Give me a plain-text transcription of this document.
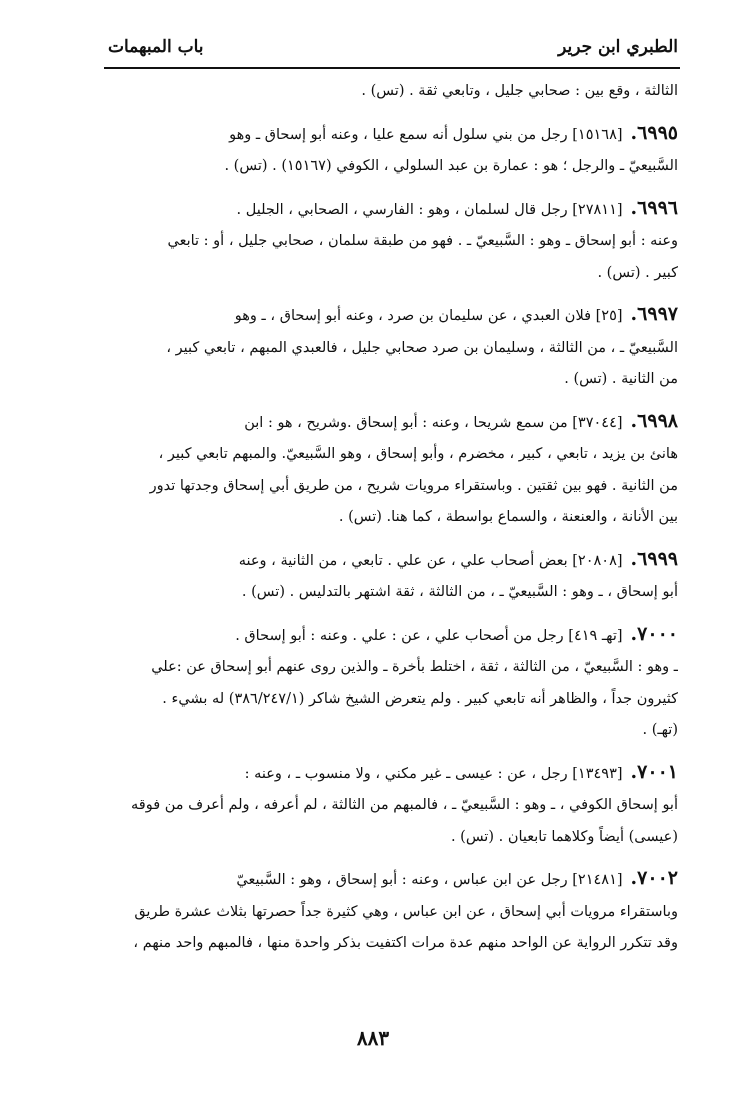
الطبري ابن جرير
باب المبهمات
الثالثة ، وقع بين : صحابي جليل ، وتابعي ثقة . (تس) .
٦٩٩٥.[١٥١٦٨] رجل من بني سلول أنه سمع عليا ، وعنه أبو إسحاق ـ وهو
السَّبيعيّ ـ والرجل ؛ هو : عمارة بن عبد السلولي ، الكوفي (١٥١٦٧) . (تس) .
٦٩٩٦.[٢٧٨١١] رجل قال لسلمان ، وهو : الفارسي ، الصحابي ، الجليل .
وعنه : أبو إسحاق ـ وهو : السَّبيعيّ ـ . فهو من طبقة سلمان ، صحابي جليل ، أو : تابعي
كبير . (تس) .
٦٩٩٧.[٢٥] فلان العبدي ، عن سليمان بن صرد ، وعنه أبو إسحاق ، ـ وهو
السَّبيعيّ ـ ، من الثالثة ، وسليمان بن صرد صحابي جليل ، فالعبدي المبهم ، تابعي كبير ،
من الثانية . (تس) .
٦٩٩٨.[٣٧٠٤٤] من سمع شريحا ، وعنه : أبو إسحاق .وشريح ، هو : ابن
هانئ بن يزيد ، تابعي ، كبير ، مخضرم ، وأبو إسحاق ، وهو السَّبيعيّ. والمبهم تابعي كبير ،
من الثانية . فهو بين ثقتين . وباستقراء مرويات شريح ، من طريق أبي إسحاق وجدتها تدور
بين الأنانة ، والعنعنة ، والسماع بواسطة ، كما هنا. (تس) .
٦٩٩٩.[٢٠٨٠٨] بعض أصحاب علي ، عن علي . تابعي ، من الثانية ، وعنه
أبو إسحاق ، ـ وهو : السَّبيعيّ ـ ، من الثالثة ، ثقة اشتهر بالتدليس . (تس) .
٧٠٠٠.[تهـ ٤١٩] رجل من أصحاب علي ، عن : علي . وعنه : أبو إسحاق .
ـ وهو : السَّبيعيّ ، من الثالثة ، ثقة ، اختلط بأخرة ـ والذين روى عنهم أبو إسحاق عن :علي
كثيرون جداً ، والظاهر أنه تابعي كبير . ولم يتعرض الشيخ شاكر (٣٨٦/٢٤٧/١) له بشيء .
(تهـ) .
٧٠٠١.[١٣٤٩٣] رجل ، عن : عيسى ـ غير مكني ، ولا منسوب ـ ، وعنه :
أبو إسحاق الكوفي ، ـ وهو : السَّبيعيّ ـ ، فالمبهم من الثالثة ، لم أعرفه ، ولم أعرف من فوقه
(عيسى) أيضاً وكلاهما تابعيان . (تس) .
٧٠٠٢.[٢١٤٨١] رجل عن ابن عباس ، وعنه : أبو إسحاق ، وهو : السَّبيعيّ
وباستقراء مرويات أبي إسحاق ، عن ابن عباس ، وهي كثيرة جداً حصرتها بثلاث عشرة طريق
وقد تتكرر الرواية عن الواحد منهم عدة مرات اكتفيت بذكر واحدة منها ، فالمبهم واحد منهم ،
٨٨٣
